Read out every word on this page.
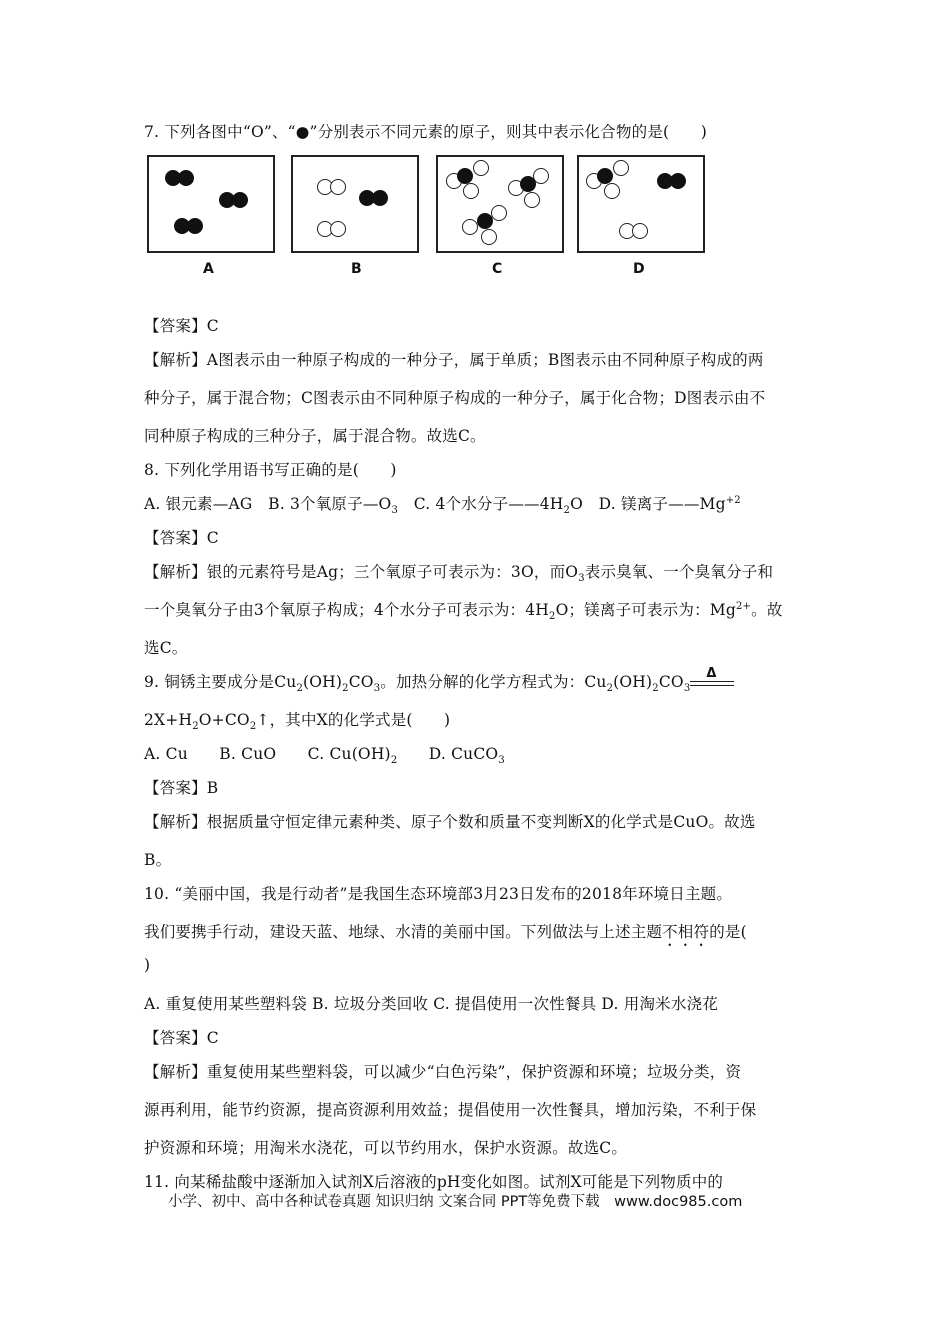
7. 下列各图中“O”、“●”分别表示不同元素的原子，则其中表示化合物的是(　　)
A	B	C	D
【答案】C
【解析】A图表示由一种原子构成的一种分子，属于单质；B图表示由不同种原子构成的两
种分子，属于混合物；C图表示由不同种原子构成的一种分子，属于化合物；D图表示由不
同种原子构成的三种分子，属于混合物。故选C。
8. 下列化学用语书写正确的是(　　)
A. 银元素—AG　B. 3个氧原子$—O_3$　C. 4个水分子$——4H_2O$　D. 镁离子$——Mg^{+2}$
【答案】C
【解析】银的元素符号是Ag；三个氧原子可表示为：3O，而$O_3$表示臭氧、一个臭氧分子和
一个臭氧分子由3个氧原子构成；4个水分子可表示为：$4H_2O$；镁离子可表示为：$Mg^{2+}$。故
选C。
9. 铜锈主要成分是$Cu_2(OH)_2CO_3$。加热分解的化学方程式为：$Cu_2(OH)_2CO_3$
Δ
$2X+H_2O+CO_2↑$，其中X的化学式是(　　)
A. Cu　　B. CuO　　C. $Cu(OH)_2$　　D. CuCO$_3$
【答案】B
【解析】根据质量守恒定律元素种类、原子个数和质量不变判断X的化学式是CuO。故选
B。
10. “美丽中国，我是行动者”是我国生态环境部3月23日发布的2018年环境日主题。
我们要携手行动，建设天蓝、地绿、水清的美丽中国。下列做法与上述主题不相符的是(
)
A. 重复使用某些塑料袋 B. 垃圾分类回收 C. 提倡使用一次性餐具 D. 用淘米水浇花
【答案】C
【解析】重复使用某些塑料袋，可以减少“白色污染”，保护资源和环境；垃圾分类，资
源再利用，能节约资源，提高资源利用效益；提倡使用一次性餐具，增加污染，不利于保
护资源和环境；用淘米水浇花，可以节约用水，保护水资源。故选C。
11. 向某稀盐酸中逐渐加入试剂X后溶液的pH变化如图。试剂X可能是下列物质中的
小学、初中、高中各种试卷真题 知识归纳 文案合同 PPT等免费下载　www.doc985.com
